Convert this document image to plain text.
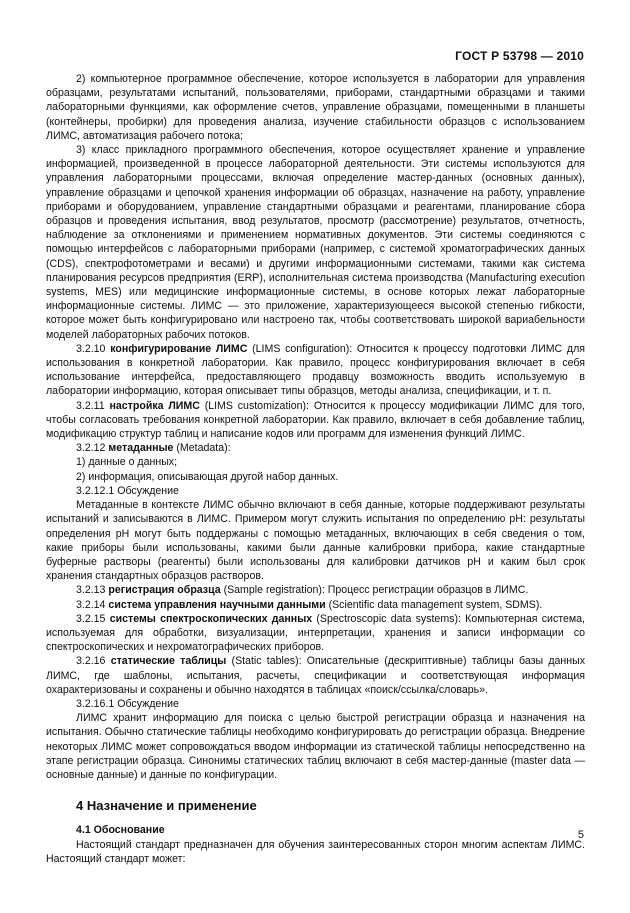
ГОСТ Р 53798 — 2010

2) компьютерное программное обеспечение, которое используется в лаборатории для управления образцами, результатами испытаний, пользователями, приборами, стандартными образцами и такими лабораторными функциями, как оформление счетов, управление образцами, помещенными в планшеты (контейнеры, пробирки) для проведения анализа, изучение стабильности образцов с использованием ЛИМС, автоматизация рабочего потока;

3) класс прикладного программного обеспечения, которое осуществляет хранение и управление информацией, произведенной в процессе лабораторной деятельности. Эти системы используются для управления лабораторными процессами, включая определение мастер-данных (основных данных), управление образцами и цепочкой хранения информации об образцах, назначение на работу, управление приборами и оборудованием, управление стандартными образцами и реагентами, планирование сбора образцов и проведения испытания, ввод результатов, просмотр (рассмотрение) результатов, отчетность, наблюдение за отклонениями и применением нормативных документов. Эти системы соединяются с помощью интерфейсов с лабораторными приборами (например, с системой хроматографических данных (CDS), спектрофотометрами и весами) и другими информационными системами, такими как система планирования ресурсов предприятия (ERP), исполнительная система производства (Manufacturing execution systems, MES) или медицинские информационные системы, в основе которых лежат лабораторные информационные системы. ЛИМС — это приложение, характеризующееся высокой степенью гибкости, которое может быть конфигурировано или настроено так, чтобы соответствовать широкой вариабельности моделей лабораторных рабочих потоков.

3.2.10 конфигурирование ЛИМС (LIMS configuration): Относится к процессу подготовки ЛИМС для использования в конкретной лаборатории. Как правило, процесс конфигурирования включает в себя использование интерфейса, предоставляющего продавцу возможность вводить используемую в лаборатории информацию, которая описывает типы образцов, методы анализа, спецификации, и т. п.

3.2.11 настройка ЛИМС (LIMS customization): Относится к процессу модификации ЛИМС для того, чтобы согласовать требования конкретной лаборатории. Как правило, включает в себя добавление таблиц, модификацию структур таблиц и написание кодов или программ для изменения функций ЛИМС.

3.2.12 метаданные (Metadata):

1) данные о данных;

2) информация, описывающая другой набор данных.

3.2.12.1 Обсуждение

Метаданные в контексте ЛИМС обычно включают в себя данные, которые поддерживают результаты испытаний и записываются в ЛИМС. Примером могут служить испытания по определению pH: результаты определения pH могут быть поддержаны с помощью метаданных, включающих в себя сведения о том, какие приборы были использованы, какими были данные калибровки прибора, какие стандартные буферные растворы (реагенты) были использованы для калибровки датчиков pH и каким был срок хранения стандартных образцов растворов.

3.2.13 регистрация образца (Sample registration): Процесс регистрации образцов в ЛИМС.

3.2.14 система управления научными данными (Scientific data management system, SDMS).

3.2.15 системы спектроскопических данных (Spectroscopic data systems): Компьютерная система, используемая для обработки, визуализации, интерпретации, хранения и записи информации со спектроскопических и нехроматографических приборов.

3.2.16 статические таблицы (Static tables): Описательные (дескриптивные) таблицы базы данных ЛИМС, где шаблоны, испытания, расчеты, спецификации и соответствующая информация охарактеризованы и сохранены и обычно находятся в таблицах «поиск/ссылка/словарь».

3.2.16.1 Обсуждение

ЛИМС хранит информацию для поиска с целью быстрой регистрации образца и назначения на испытания. Обычно статические таблицы необходимо конфигурировать до регистрации образца. Внедрение некоторых ЛИМС может сопровождаться вводом информации из статической таблицы непосредственно на этапе регистрации образца. Синонимы статических таблиц включают в себя мастер-данные (master data — основные данные) и данные по конфигурации.

4 Назначение и применение

4.1 Обоснование

Настоящий стандарт предназначен для обучения заинтересованных сторон многим аспектам ЛИМС. Настоящий стандарт может:

5
